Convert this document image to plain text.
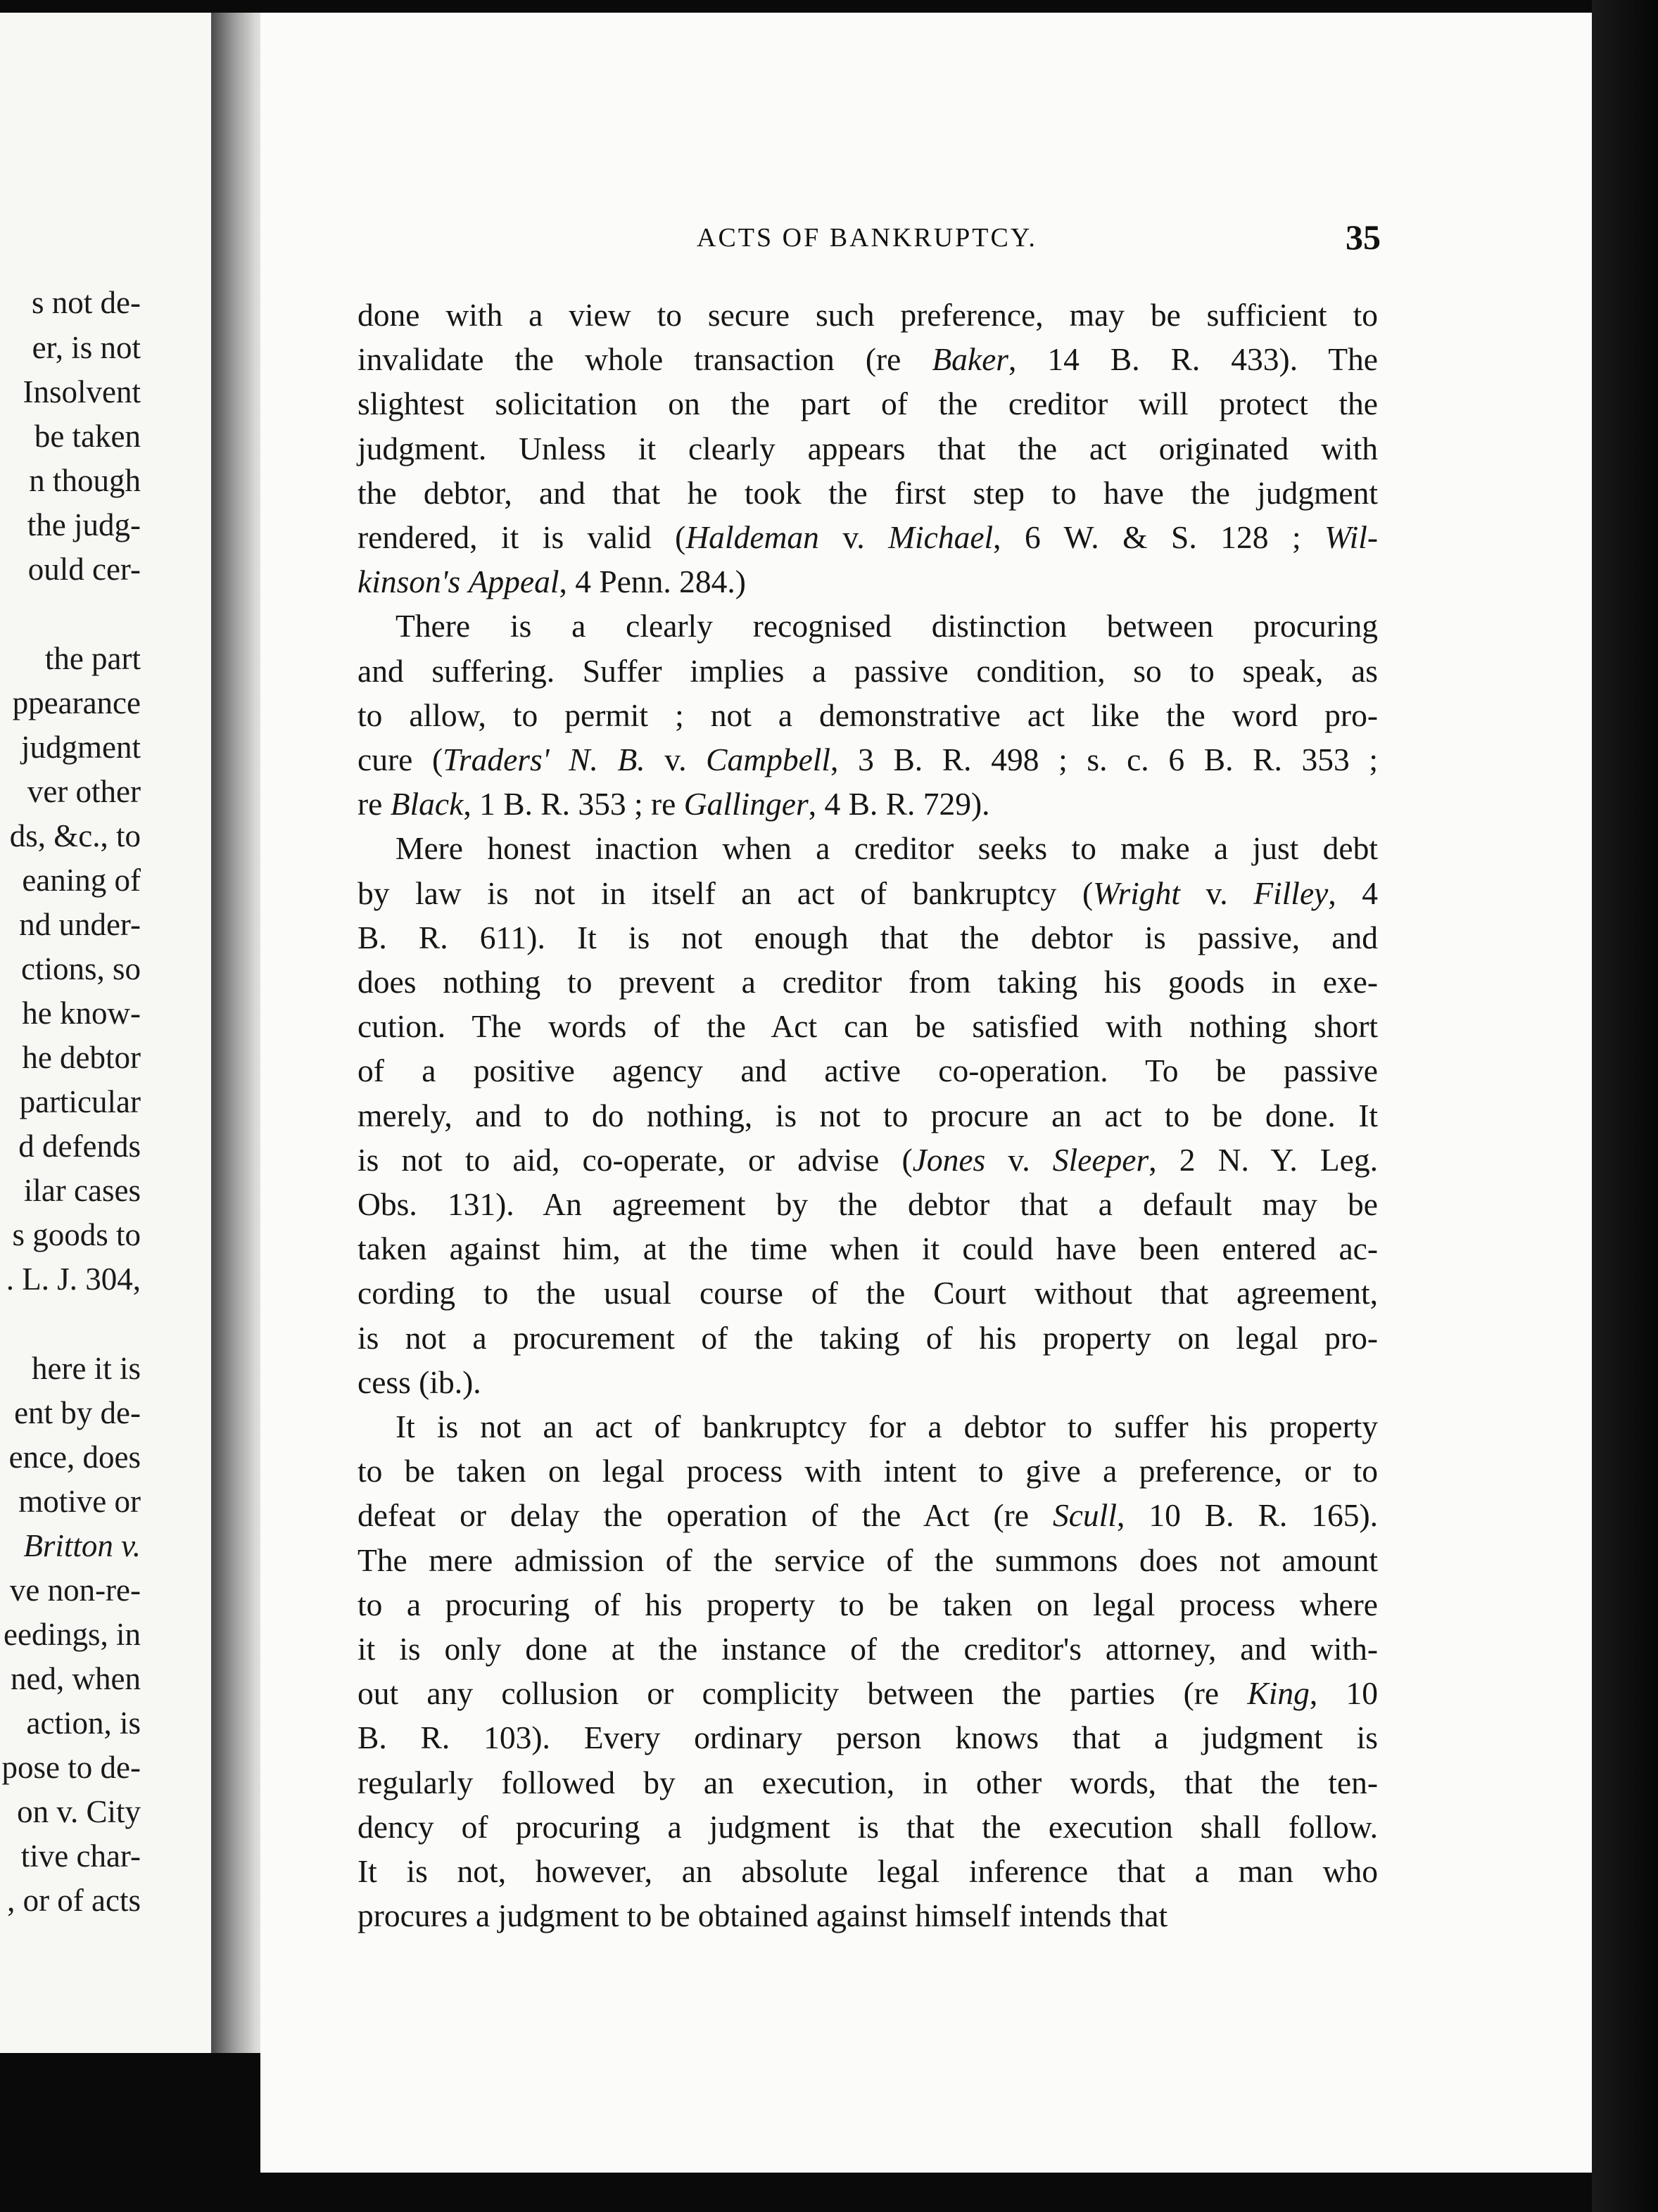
s not de-
er, is not
Insolvent
be taken
n though
the judg-
ould cer-
the part
ppearance
judgment
ver other
ds, &c., to
eaning of
nd under-
ctions, so
he know-
he debtor
particular
d defends
ilar cases
s goods to
. L. J. 304,
here it is
ent by de-
ence, does
motive or
Britton v.
ve non-re-
eedings, in
ned, when
action, is
pose to de-
on v. City
tive char-
, or of acts
ACTS OF BANKRUPTCY.	35
done with a view to secure such preference, may be sufficient to
invalidate the whole transaction (re Baker, 14 B. R. 433). The
slightest solicitation on the part of the creditor will protect the
judgment. Unless it clearly appears that the act originated with
the debtor, and that he took the first step to have the judgment
rendered, it is valid (Haldeman v. Michael, 6 W. & S. 128 ; Wil-
kinson's Appeal, 4 Penn. 284.)
There is a clearly recognised distinction between procuring
and suffering. Suffer implies a passive condition, so to speak, as
to allow, to permit ; not a demonstrative act like the word pro-
cure (Traders' N. B. v. Campbell, 3 B. R. 498 ; s. c. 6 B. R. 353 ;
re Black, 1 B. R. 353 ; re Gallinger, 4 B. R. 729).
Mere honest inaction when a creditor seeks to make a just debt
by law is not in itself an act of bankruptcy (Wright v. Filley, 4
B. R. 611). It is not enough that the debtor is passive, and
does nothing to prevent a creditor from taking his goods in exe-
cution. The words of the Act can be satisfied with nothing short
of a positive agency and active co-operation. To be passive
merely, and to do nothing, is not to procure an act to be done. It
is not to aid, co-operate, or advise (Jones v. Sleeper, 2 N. Y. Leg.
Obs. 131). An agreement by the debtor that a default may be
taken against him, at the time when it could have been entered ac-
cording to the usual course of the Court without that agreement,
is not a procurement of the taking of his property on legal pro-
cess (ib.).
It is not an act of bankruptcy for a debtor to suffer his property
to be taken on legal process with intent to give a preference, or to
defeat or delay the operation of the Act (re Scull, 10 B. R. 165).
The mere admission of the service of the summons does not amount
to a procuring of his property to be taken on legal process where
it is only done at the instance of the creditor's attorney, and with-
out any collusion or complicity between the parties (re King, 10
B. R. 103). Every ordinary person knows that a judgment is
regularly followed by an execution, in other words, that the ten-
dency of procuring a judgment is that the execution shall follow.
It is not, however, an absolute legal inference that a man who
procures a judgment to be obtained against himself intends that
